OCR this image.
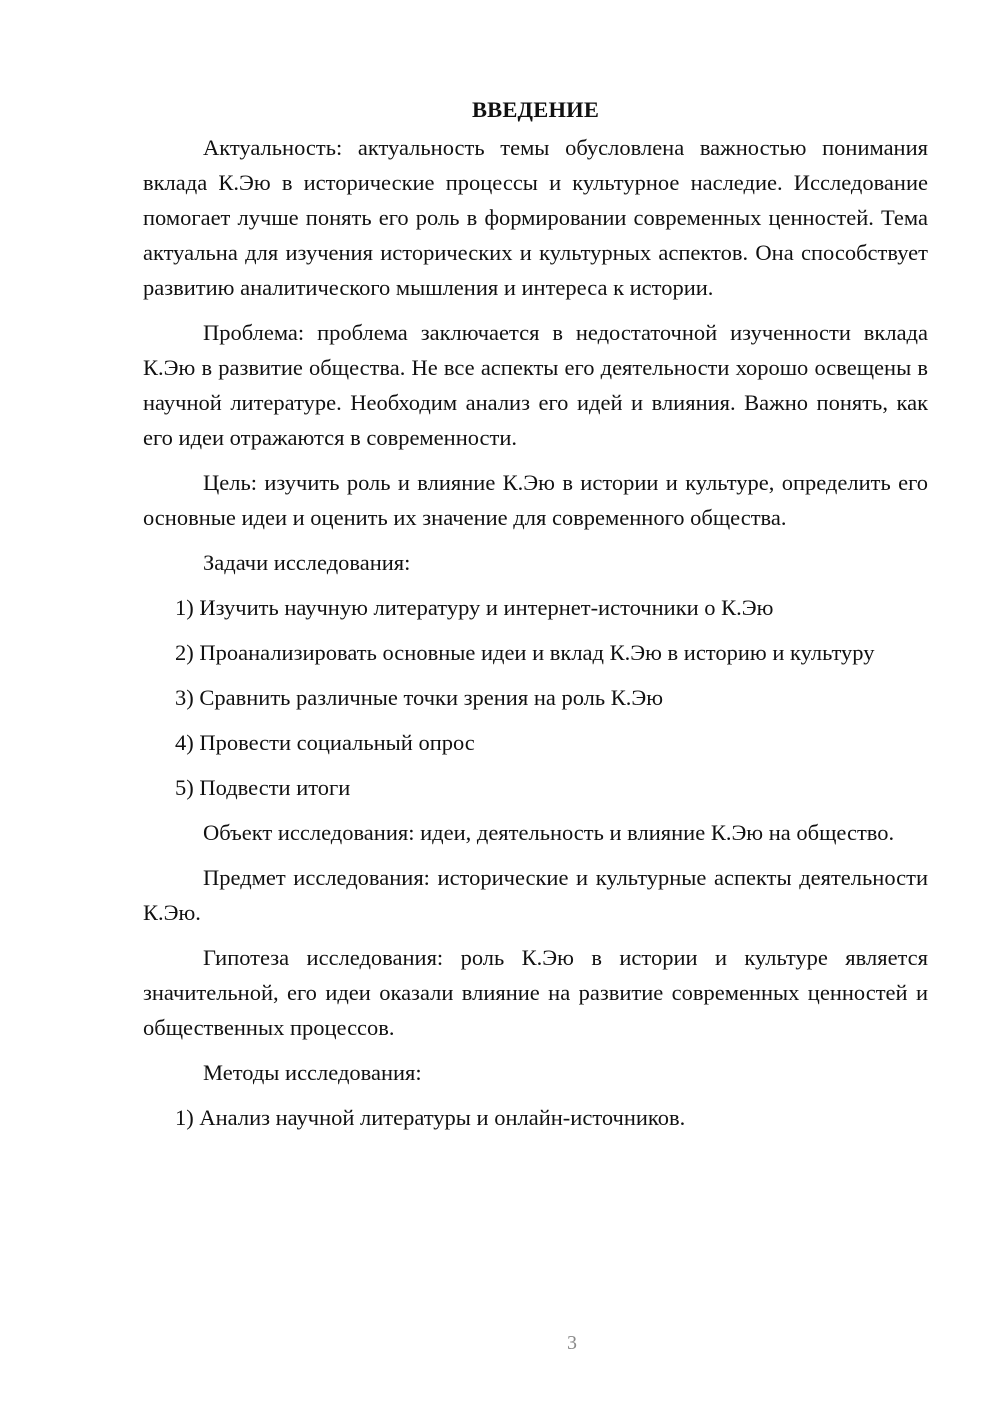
ВВЕДЕНИЕ

Актуальность: актуальность темы обусловлена важностью понимания вклада К.Эю в исторические процессы и культурное наследие. Исследование помогает лучше понять его роль в формировании современных ценностей. Тема актуальна для изучения исторических и культурных аспектов. Она способствует развитию аналитического мышления и интереса к истории.

Проблема: проблема заключается в недостаточной изученности вклада К.Эю в развитие общества. Не все аспекты его деятельности хорошо освещены в научной литературе. Необходим анализ его идей и влияния. Важно понять, как его идеи отражаются в современности.

Цель: изучить роль и влияние К.Эю в истории и культуре, определить его основные идеи и оценить их значение для современного общества.

Задачи исследования:

1) Изучить научную литературу и интернет-источники о К.Эю

2) Проанализировать основные идеи и вклад К.Эю в историю и культуру

3) Сравнить различные точки зрения на роль К.Эю

4) Провести социальный опрос

5) Подвести итоги

Объект исследования: идеи, деятельность и влияние К.Эю на общество.

Предмет исследования: исторические и культурные аспекты деятельности К.Эю.

Гипотеза исследования: роль К.Эю в истории и культуре является значительной, его идеи оказали влияние на развитие современных ценностей и общественных процессов.

Методы исследования:

1) Анализ научной литературы и онлайн-источников.

3
